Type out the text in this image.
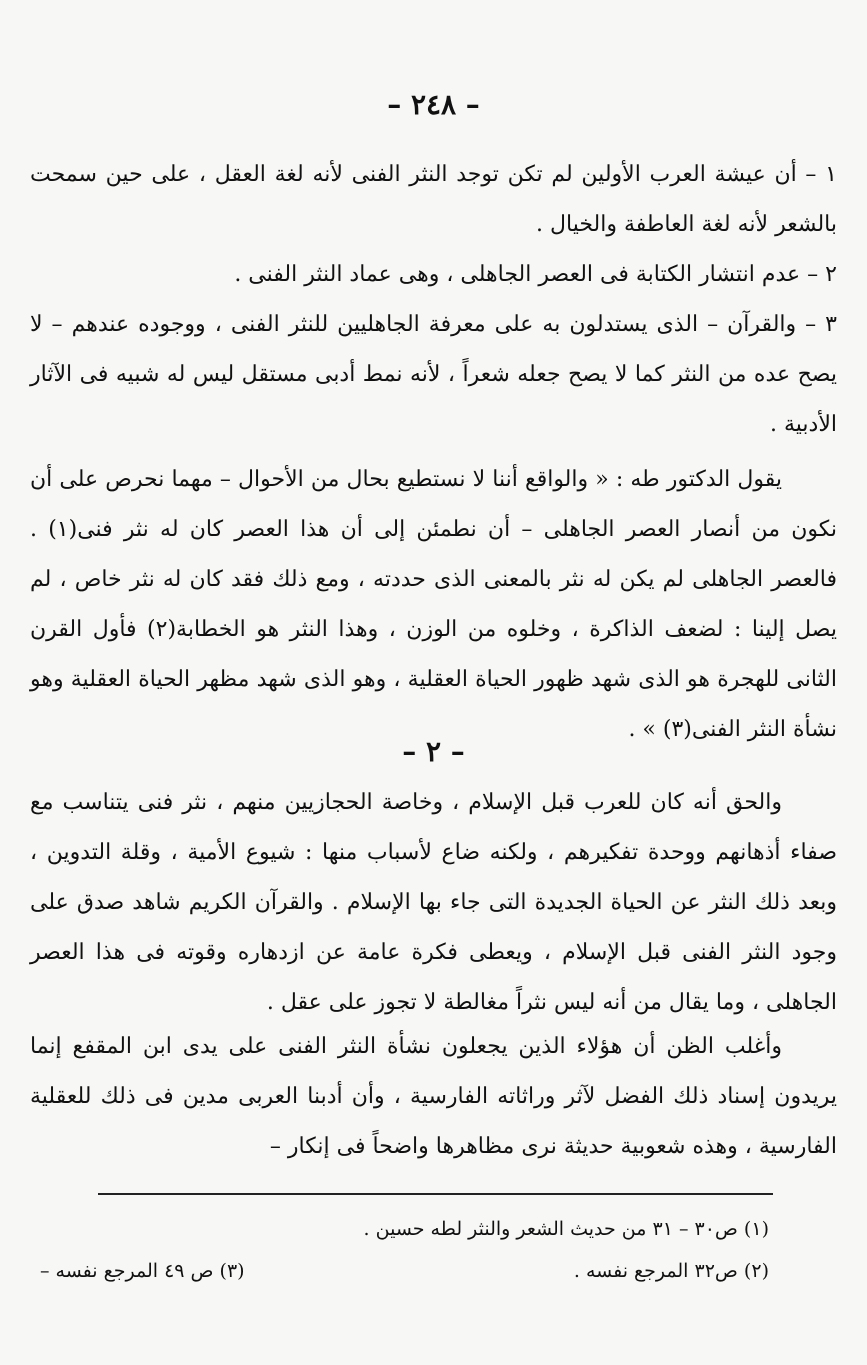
– ٢٤٨ –

١ – أن عيشة العرب الأولين لم تكن توجد النثر الفنى لأنه لغة العقل ، على حين سمحت بالشعر لأنه لغة العاطفة والخيال .

٢ – عدم انتشار الكتابة فى العصر الجاهلى ، وهى عماد النثر الفنى .

٣ – والقرآن – الذى يستدلون به على معرفة الجاهليين للنثر الفنى ، ووجوده عندهم – لا يصح عده من النثر كما لا يصح جعله شعراً ، لأنه نمط أدبى مستقل ليس له شبيه فى الآثار الأدبية .

يقول الدكتور طه : « والواقع أننا لا نستطيع بحال من الأحوال – مهما نحرص على أن نكون من أنصار العصر الجاهلى – أن نطمئن إلى أن هذا العصر كان له نثر فنى(١) . فالعصر الجاهلى لم يكن له نثر بالمعنى الذى حددته ، ومع ذلك فقد كان له نثر خاص ، لم يصل إلينا : لضعف الذاكرة ، وخلوه من الوزن ، وهذا النثر هو الخطابة(٢) فأول القرن الثانى للهجرة هو الذى شهد ظهور الحياة العقلية ، وهو الذى شهد مظهر الحياة العقلية وهو نشأة النثر الفنى(٣) » .

– ٢ –

والحق أنه كان للعرب قبل الإسلام ، وخاصة الحجازيين منهم ، نثر فنى يتناسب مع صفاء أذهانهم ووحدة تفكيرهم ، ولكنه ضاع لأسباب منها : شيوع الأمية ، وقلة التدوين ، وبعد ذلك النثر عن الحياة الجديدة التى جاء بها الإسلام . والقرآن الكريم شاهد صدق على وجود النثر الفنى قبل الإسلام ، ويعطى فكرة عامة عن ازدهاره وقوته فى هذا العصر الجاهلى ، وما يقال من أنه ليس نثراً مغالطة لا تجوز على عقل .

وأغلب الظن أن هؤلاء الذين يجعلون نشأة النثر الفنى على يدى ابن المقفع إنما يريدون إسناد ذلك الفضل لآثر وراثاته الفارسية ، وأن أدبنا العربى مدين فى ذلك للعقلية الفارسية ، وهذه شعوبية حديثة نرى مظاهرها واضحاً فى إنكار –

(١) ص٣٠ – ٣١ من حديث الشعر والنثر لطه حسين .
(٢) ص٣٢ المرجع نفسه .
(٣) ص ٤٩ المرجع نفسه –
